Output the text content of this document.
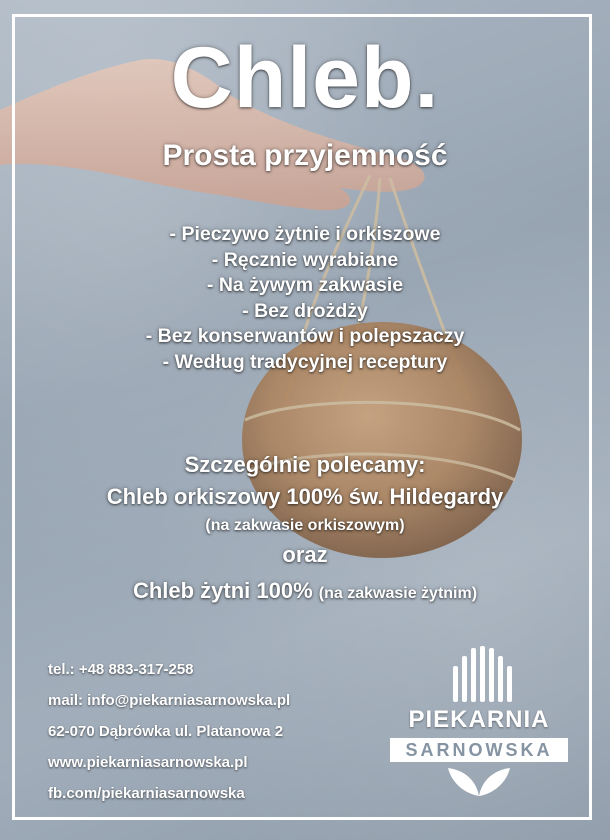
Chleb.
Prosta przyjemność
- Pieczywo żytnie i orkiszowe
- Ręcznie wyrabiane
- Na żywym zakwasie
- Bez drożdży
- Bez konserwantów i polepszaczy
- Według tradycyjnej receptury
Szczególnie polecamy:
Chleb orkiszowy 100% św. Hildegardy
(na zakwasie orkiszowym)
oraz
Chleb żytni 100% (na zakwasie żytnim)
tel.: +48 883-317-258
mail: info@piekarniasarnowska.pl
62-070 Dąbrówka ul. Platanowa 2
www.piekarniasarnowska.pl
fb.com/piekarniasarnowska
PIEKARNIA
SARNOWSKA
